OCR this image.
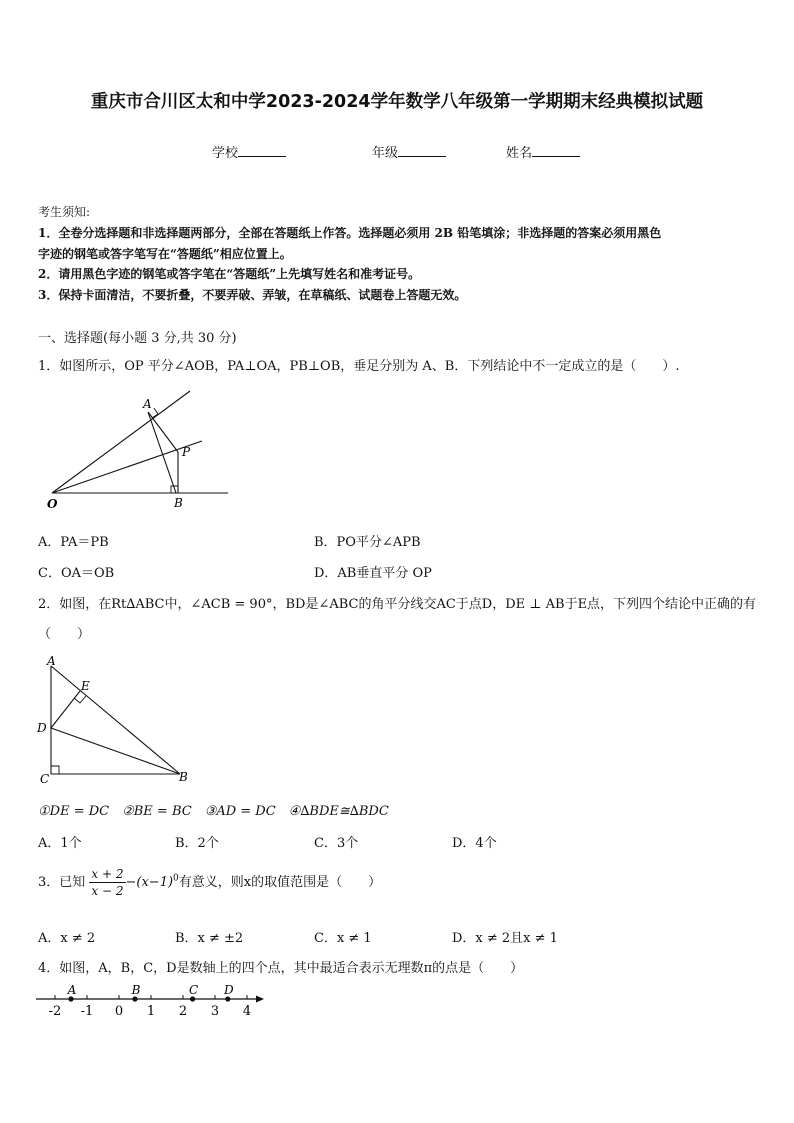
重庆市合川区太和中学2023-2024学年数学八年级第一学期期末经典模拟试题
学校	年级	姓名
考生须知:
1．全卷分选择题和非选择题两部分，全部在答题纸上作答。选择题必须用 2B 铅笔填涂；非选择题的答案必须用黑色
字迹的钢笔或答字笔写在“答题纸”相应位置上。
2．请用黑色字迹的钢笔或答字笔在“答题纸”上先填写姓名和准考证号。
3．保持卡面清洁，不要折叠，不要弄破、弄皱，在草稿纸、试题卷上答题无效。
一、选择题(每小题 3 分,共 30 分)
1．如图所示，OP 平分∠AOB，PA⊥OA，PB⊥OB，垂足分别为 A、B．下列结论中不一定成立的是（　　）.
A
P
B
O
A．PA＝PB	B．PO平分∠APB
C．OA＝OB	D．AB垂直平分 OP
2．如图，在Rt∆ABC中，∠ACB = 90°，BD是∠ABC的角平分线交AC于点D，DE ⊥ AB于E点，下列四个结论中正确的有
（　　）
A
E
D
C	B
①DE = DC　②BE = BC　③AD = DC　④∆BDE≅∆BDC
A．1个	B．2个	C．3个	D．4个
3．已知 $\frac{x + 2}{x - 2} -(x-1)^0$有意义，则x的取值范围是（　　）
A．x ≠ 2	B．x ≠ ±2	C．x ≠ 1	D．x ≠ 2且x ≠ 1
4．如图，A，B，C，D是数轴上的四个点，其中最适合表示无理数π的点是（　　）
-2 -1 0 1 2 3 4
A	B	C D
